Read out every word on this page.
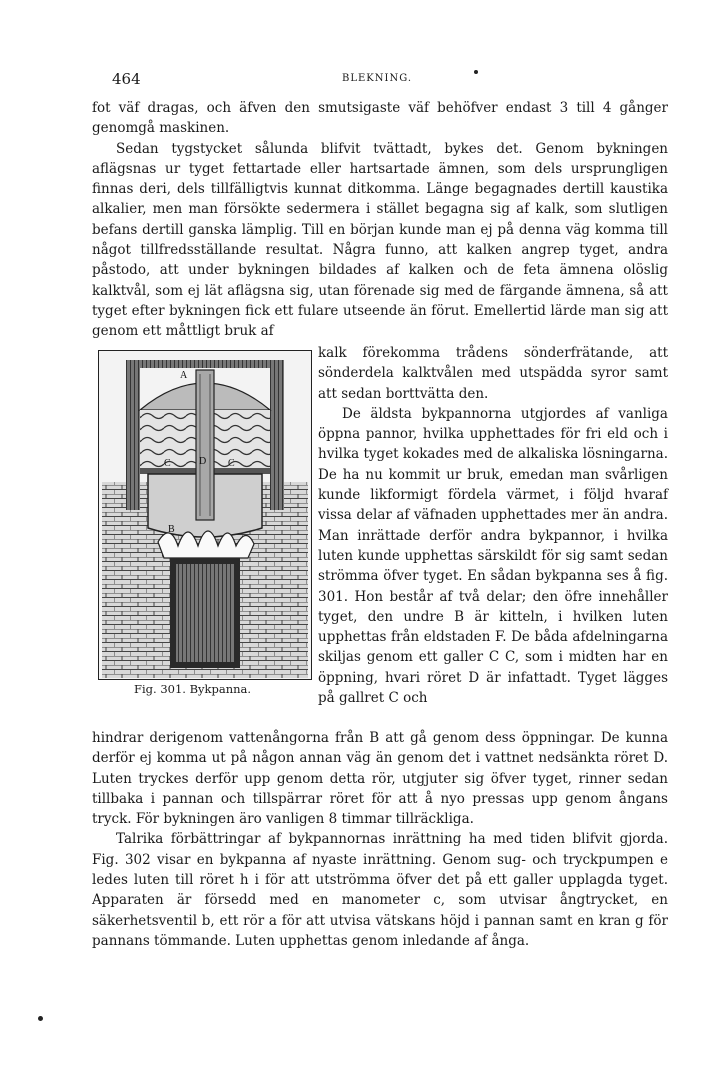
464	BLEKNING.

fot väf dragas, och äfven den smutsigaste väf behöfver endast 3 till 4 gånger genomgå maskinen.

Sedan tygstycket sålunda blifvit tvättadt, bykes det. Genom bykningen aflägsnas ur tyget fettartade eller hartsartade ämnen, som dels ursprungligen finnas deri, dels tillfälligtvis kunnat ditkomma. Länge begagnades dertill kaustika alkalier, men man försökte sedermera i stället begagna sig af kalk, som slutligen befans dertill ganska lämplig. Till en början kunde man ej på denna väg komma till något tillfredsställande resultat. Några funno, att kalken angrep tyget, andra påstodo, att under bykningen bildades af kalken och de feta ämnena olöslig kalktvål, som ej lät aflägsna sig, utan förenade sig med de färgande ämnena, så att tyget efter bykningen fick ett fulare utseende än förut. Emellertid lärde man sig att genom ett måttligt bruk af

A
B
C	D C
Fig. 301. Bykpanna.

kalk förekomma trådens sönderfrätande, att sönderdela kalktvålen med utspädda syror samt att sedan borttvätta den.

De äldsta bykpannorna utgjordes af vanliga öppna pannor, hvilka upphettades för fri eld och i hvilka tyget kokades med de alkaliska lösningarna. De ha nu kommit ur bruk, emedan man svårligen kunde likformigt fördela värmet, i följd hvaraf vissa delar af väfnaden upphettades mer än andra. Man inrättade derför andra bykpannor, i hvilka luten kunde upphettas särskildt för sig samt sedan strömma öfver tyget. En sådan bykpanna ses å fig. 301. Hon består af två delar; den öfre innehåller tyget, den undre B är kitteln, i hvilken luten upphettas från eldstaden F. De båda afdelningarna skiljas genom ett galler C C, som i midten har en öppning, hvari röret D är infattadt. Tyget lägges på gallret C och

hindrar derigenom vattenångorna från B att gå genom dess öppningar. De kunna derför ej komma ut på någon annan väg än genom det i vattnet nedsänkta röret D. Luten tryckes derför upp genom detta rör, utgjuter sig öfver tyget, rinner sedan tillbaka i pannan och tillspärrar röret för att å nyo pressas upp genom ångans tryck. För bykningen äro vanligen 8 timmar tillräckliga.

Talrika förbättringar af bykpannornas inrättning ha med tiden blifvit gjorda. Fig. 302 visar en bykpanna af nyaste inrättning. Genom sug- och tryckpumpen e ledes luten till röret h i för att utströmma öfver det på ett galler upplagda tyget. Apparaten är försedd med en manometer c, som utvisar ångtrycket, en säkerhetsventil b, ett rör a för att utvisa vätskans höjd i pannan samt en kran g för pannans tömmande. Luten upphettas genom inledande af ånga.
